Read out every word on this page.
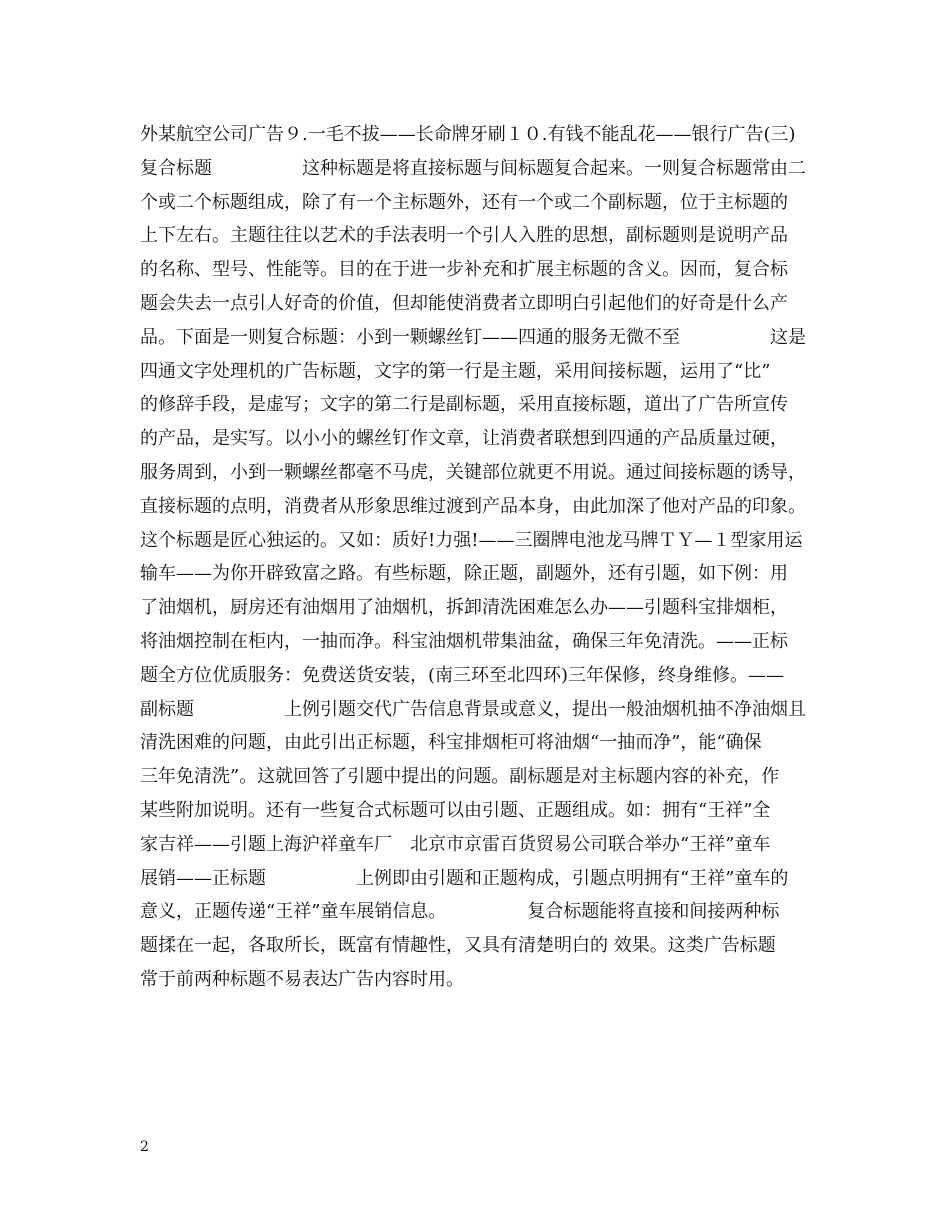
外某航空公司广告９.一毛不拔——长命牌牙刷１０.有钱不能乱花——银行广告(三)
复合标题　　　　　这种标题是将直接标题与间标题复合起来。一则复合标题常由二
个或二个标题组成，除了有一个主标题外，还有一个或二个副标题，位于主标题的
上下左右。主题往往以艺术的手法表明一个引人入胜的思想，副标题则是说明产品
的名称、型号、性能等。目的在于进一步补充和扩展主标题的含义。因而，复合标
题会失去一点引人好奇的价值，但却能使消费者立即明白引起他们的好奇是什么产
品。下面是一则复合标题：小到一颗螺丝钉——四通的服务无微不至　　　　　这是
四通文字处理机的广告标题，文字的第一行是主题，采用间接标题，运用了“比”
的修辞手段，是虚写；文字的第二行是副标题，采用直接标题，道出了广告所宣传
的产品，是实写。以小小的螺丝钉作文章，让消费者联想到四通的产品质量过硬，
服务周到，小到一颗螺丝都毫不马虎，关键部位就更不用说。通过间接标题的诱导，
直接标题的点明，消费者从形象思维过渡到产品本身，由此加深了他对产品的印象。
这个标题是匠心独运的。又如：质好!力强!——三圈牌电池龙马牌ＴＹ—１型家用运
输车——为你开辟致富之路。有些标题，除正题，副题外，还有引题，如下例：用
了油烟机，厨房还有油烟用了油烟机，拆卸清洗困难怎么办——引题科宝排烟柜，
将油烟控制在柜内，一抽而净。科宝油烟机带集油盆，确保三年免清洗。——正标
题全方位优质服务：免费送货安装，(南三环至北四环)三年保修，终身维修。——
副标题　　　　　上例引题交代广告信息背景或意义，提出一般油烟机抽不净油烟且
清洗困难的问题，由此引出正标题，科宝排烟柜可将油烟“一抽而净”，能“确保
三年免清洗”。这就回答了引题中提出的问题。副标题是对主标题内容的补充，作
某些附加说明。还有一些复合式标题可以由引题、正题组成。如：拥有“王祥”全
家吉祥——引题上海沪祥童车厂　北京市京雷百货贸易公司联合举办“王祥”童车
展销——正标题　　　　　上例即由引题和正题构成，引题点明拥有“王祥”童车的
意义，正题传递“王祥”童车展销信息。　　　　　复合标题能将直接和间接两种标
题揉在一起，各取所长，既富有情趣性，又具有清楚明白的 效果。这类广告标题
常于前两种标题不易表达广告内容时用。
2
